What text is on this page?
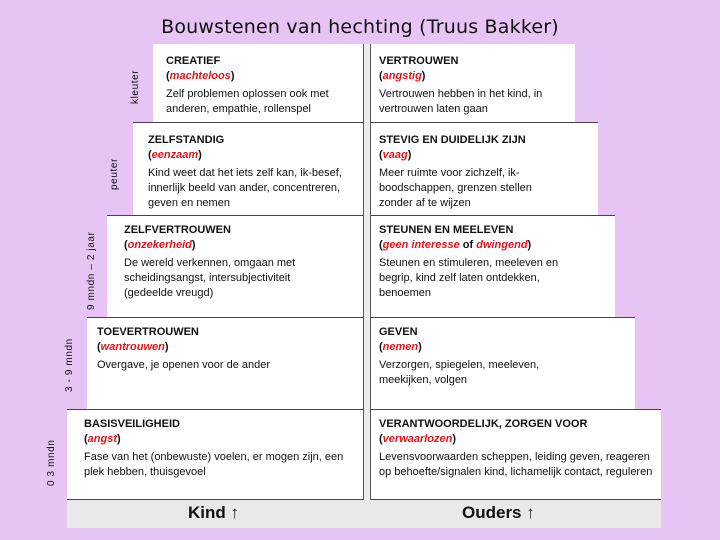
Bouwstenen van hechting (Truus Bakker)
CREATIEF
(machteloos)
Zelf problemen oplossen ook met anderen, empathie, rollenspel
VERTROUWEN
(angstig)
Vertrouwen hebben in het kind, in vertrouwen laten gaan
ZELFSTANDIG
(eenzaam)
Kind weet dat het iets zelf kan, ik-besef, innerlijk beeld van ander, concentreren, geven en nemen
STEVIG EN DUIDELIJK ZIJN
(vaag)
Meer ruimte voor zichzelf, ik-boodschappen, grenzen stellen zonder af te wijzen
ZELFVERTROUWEN
(onzekerheid)
De wereld verkennen, omgaan met scheidingsangst, intersubjectiviteit (gedeelde vreugd)
STEUNEN EN MEELEVEN
(geen interesse of dwingend)
Steunen en stimuleren, meeleven en begrip, kind zelf laten ontdekken, benoemen
TOEVERTROUWEN
(wantrouwen)
Overgave, je openen voor de ander
GEVEN
(nemen)
Verzorgen, spiegelen, meeleven, meekijken, volgen
BASISVEILIGHEID
(angst)
Fase van het (onbewuste) voelen, er mogen zijn, een plek hebben, thuisgevoel
VERANTWOORDELIJK, ZORGEN VOOR
(verwaarlozen)
Levensvoorwaarden scheppen, leiding geven, reageren op behoefte/signalen kind, lichamelijk contact, reguleren
Kind ↑	Ouders ↑
kleuter
peuter
9 mndn – 2 jaar
3 - 9 mndn
0 3 mndn
